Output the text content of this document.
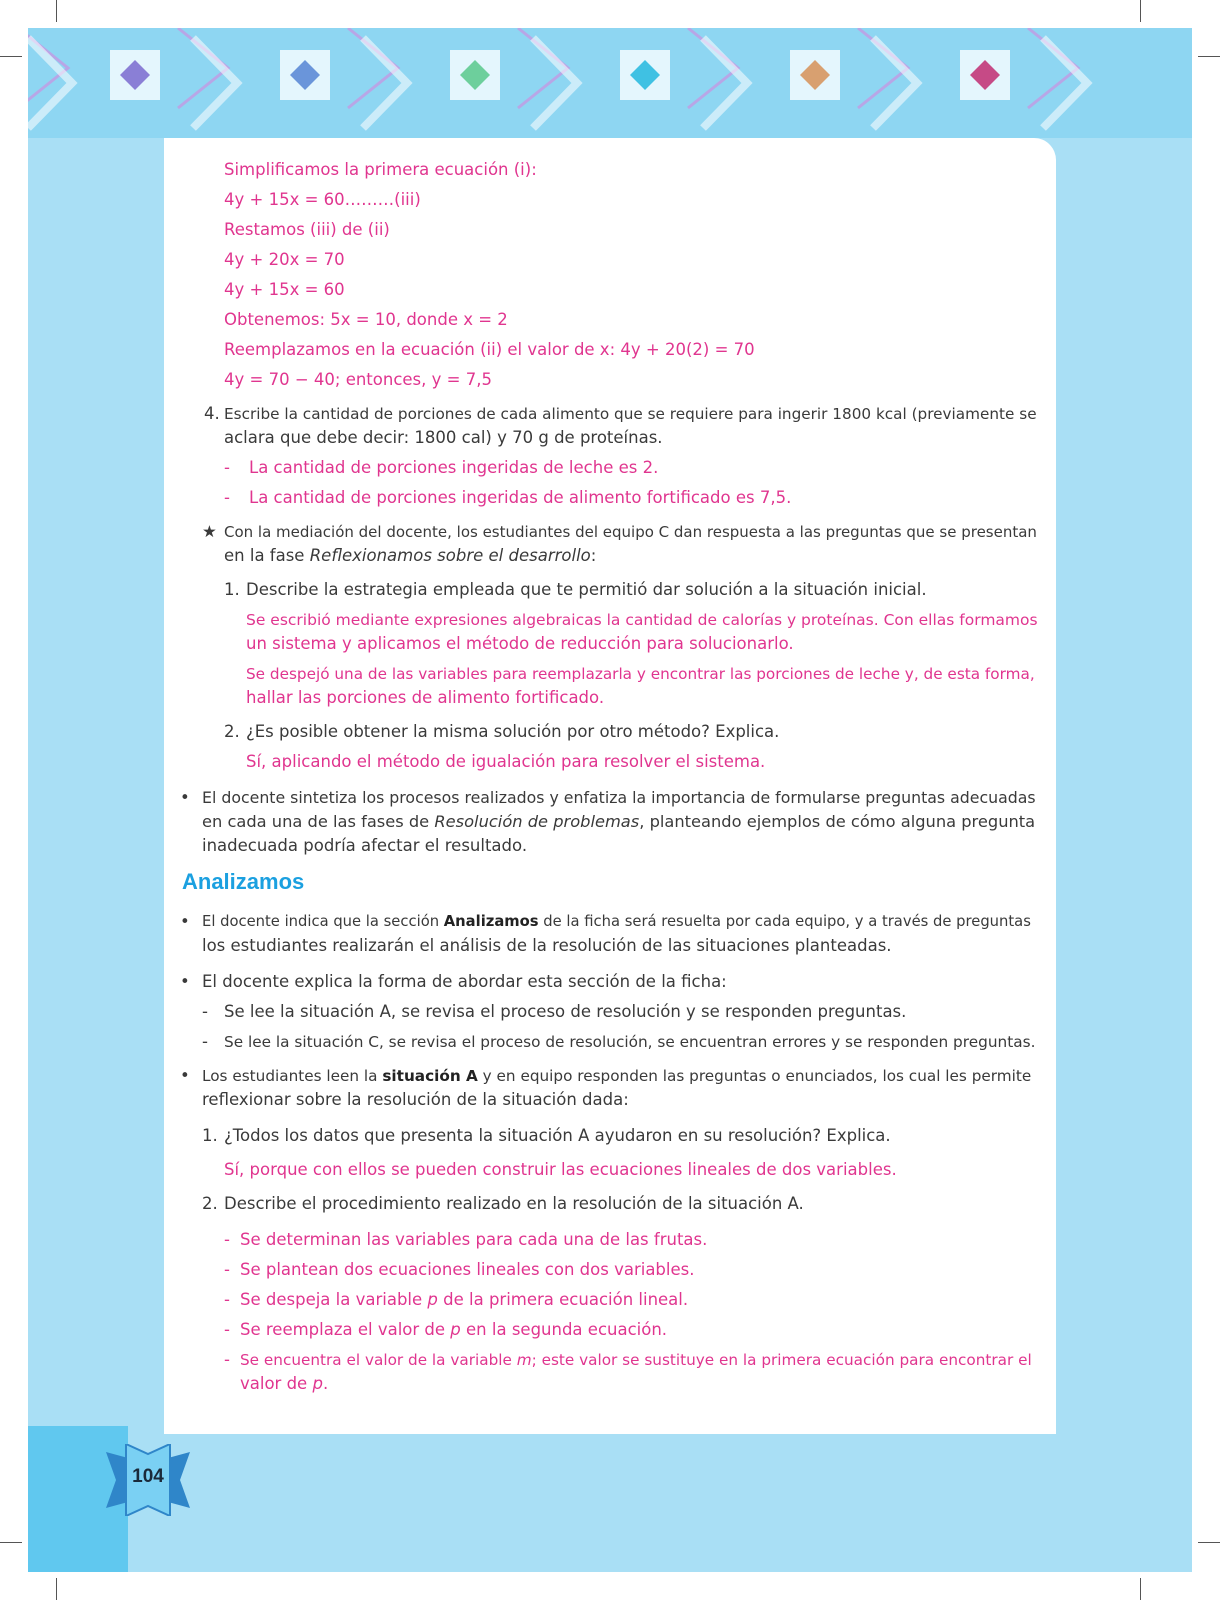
104
Simplificamos la primera ecuación (i):
4y + 15x = 60………(iii)
Restamos (iii) de (ii)
4y + 20x = 70
4y + 15x = 60
Obtenemos: 5x = 10, donde x = 2
Reemplazamos en la ecuación (ii) el valor de x: 4y + 20(2) = 70
4y = 70 − 40; entonces, y = 7,5
4. Escribe la cantidad de porciones de cada alimento que se requiere para ingerir 1800 kcal (previamente se
aclara que debe decir: 1800 cal) y 70 g de proteínas.
- La cantidad de porciones ingeridas de leche es 2.
- La cantidad de porciones ingeridas de alimento fortificado es 7,5.
★ Con la mediación del docente, los estudiantes del equipo C dan respuesta a las preguntas que se presentan
en la fase Reflexionamos sobre el desarrollo:
1. Describe la estrategia empleada que te permitió dar solución a la situación inicial.
Se escribió mediante expresiones algebraicas la cantidad de calorías y proteínas. Con ellas formamos
un sistema y aplicamos el método de reducción para solucionarlo.
Se despejó una de las variables para reemplazarla y encontrar las porciones de leche y, de esta forma,
hallar las porciones de alimento fortificado.
2. ¿Es posible obtener la misma solución por otro método? Explica.
Sí, aplicando el método de igualación para resolver el sistema.
• El docente sintetiza los procesos realizados y enfatiza la importancia de formularse preguntas adecuadas
en cada una de las fases de Resolución de problemas, planteando ejemplos de cómo alguna pregunta
inadecuada podría afectar el resultado.
Analizamos
• El docente indica que la sección Analizamos de la ficha será resuelta por cada equipo, y a través de preguntas
los estudiantes realizarán el análisis de la resolución de las situaciones planteadas.
• El docente explica la forma de abordar esta sección de la ficha:
- Se lee la situación A, se revisa el proceso de resolución y se responden preguntas.
- Se lee la situación C, se revisa el proceso de resolución, se encuentran errores y se responden preguntas.
• Los estudiantes leen la situación A y en equipo responden las preguntas o enunciados, los cual les permite
reflexionar sobre la resolución de la situación dada:
1. ¿Todos los datos que presenta la situación A ayudaron en su resolución? Explica.
Sí, porque con ellos se pueden construir las ecuaciones lineales de dos variables.
2. Describe el procedimiento realizado en la resolución de la situación A.
- Se determinan las variables para cada una de las frutas.
- Se plantean dos ecuaciones lineales con dos variables.
- Se despeja la variable p de la primera ecuación lineal.
- Se reemplaza el valor de p en la segunda ecuación.
- Se encuentra el valor de la variable m; este valor se sustituye en la primera ecuación para encontrar el
valor de p.
